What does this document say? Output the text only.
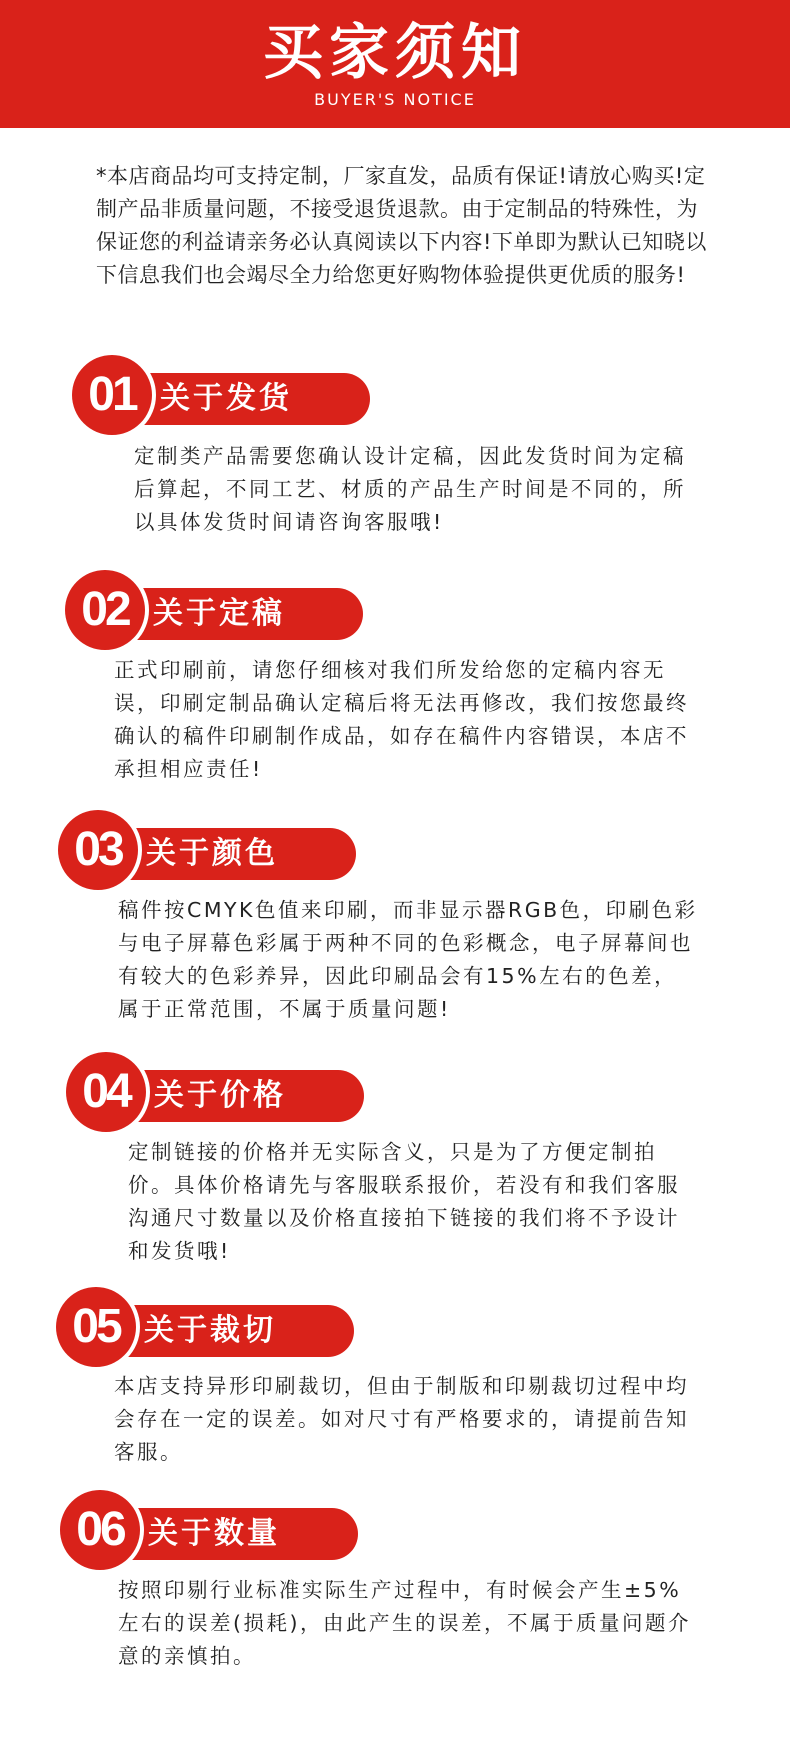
买家须知
BUYER'S NOTICE
*本店商品均可支持定制，厂家直发，品质有保证!请放心购买!定制产品非质量问题，不接受退货退款。由于定制品的特殊性，为保证您的利益请亲务必认真阅读以下内容!下单即为默认已知晓以下信息我们也会竭尽全力给您更好购物体验提供更优质的服务!
01 关于发货
定制类产品需要您确认设计定稿，因此发货时间为定稿后算起，不同工艺、材质的产品生产时间是不同的，所以具体发货时间请咨询客服哦!
02 关于定稿
正式印刷前，请您仔细核对我们所发给您的定稿内容无误，印刷定制品确认定稿后将无法再修改，我们按您最终确认的稿件印刷制作成品，如存在稿件内容错误，本店不承担相应责任!
03 关于颜色
稿件按CMYK色值来印刷，而非显示器RGB色，印刷色彩与电子屏幕色彩属于两种不同的色彩概念，电子屏幕间也有较大的色彩养异，因此印刷品会有15%左右的色差，属于正常范围，不属于质量问题!
04 关于价格
定制链接的价格并无实际含义，只是为了方便定制拍价。具体价格请先与客服联系报价，若没有和我们客服沟通尺寸数量以及价格直接拍下链接的我们将不予设计和发货哦!
05 关于裁切
本店支持异形印刷裁切，但由于制版和印剔裁切过程中均会存在一定的误差。如对尺寸有严格要求的，请提前告知客服。
06 关于数量
按照印剔行业标准实际生产过程中，有时候会产生±5%左右的误差(损耗)，由此产生的误差，不属于质量问题介意的亲慎拍。
